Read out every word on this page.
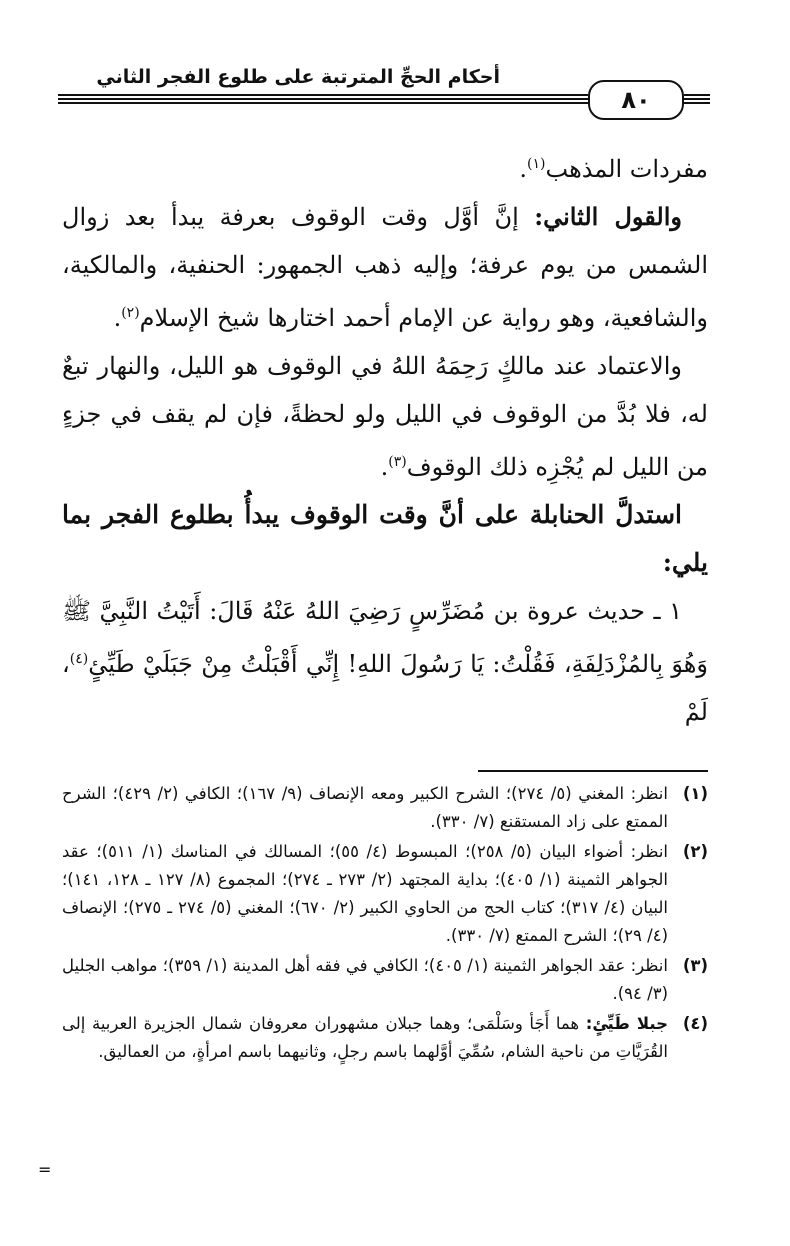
أحكام الحجِّ المترتبة على طلوع الفجر الثاني
٨٠

مفردات المذهب$^{(١)}$.

والقول الثاني: إنَّ أوَّل وقت الوقوف بعرفة يبدأ بعد زوال الشمس من يوم عرفة؛ وإليه ذهب الجمهور: الحنفية، والمالكية، والشافعية، وهو رواية عن الإمام أحمد اختارها شيخ الإسلام$^{(٢)}$.

والاعتماد عند مالكٍ رَحِمَهُ اللهُ في الوقوف هو الليل، والنهار تبعٌ له، فلا بُدَّ من الوقوف في الليل ولو لحظةً، فإن لم يقف في جزءٍ من الليل لم يُجْزِه ذلك الوقوف$^{(٣)}$.

استدلَّ الحنابلة على أنَّ وقت الوقوف يبدأُ بطلوع الفجر بما يلي:

١ ـ حديث عروة بن مُضَرِّسٍ رَضِيَ اللهُ عَنْهُ قَالَ: أَتَيْتُ النَّبِيَّ ﷺ وَهُوَ بِالمُزْدَلِفَةِ، فَقُلْتُ: يَا رَسُولَ اللهِ! إِنِّي أَقْبَلْتُ مِنْ جَبَلَيْ طَيِّئٍ$^{(٤)}$، لَمْ

(١)
انظر: المغني (٥/ ٢٧٤)؛ الشرح الكبير ومعه الإنصاف (٩/ ١٦٧)؛ الكافي (٢/ ٤٢٩)؛ الشرح الممتع على زاد المستقنع (٧/ ٣٣٠).
(٢)
انظر: أضواء البيان (٥/ ٢٥٨)؛ المبسوط (٤/ ٥٥)؛ المسالك في المناسك (١/ ٥١١)؛ عقد الجواهر الثمينة (١/ ٤٠٥)؛ بداية المجتهد (٢/ ٢٧٣ ـ ٢٧٤)؛ المجموع (٨/ ١٢٧ ـ ١٢٨، ١٤١)؛ البيان (٤/ ٣١٧)؛ كتاب الحج من الحاوي الكبير (٢/ ٦٧٠)؛ المغني (٥/ ٢٧٤ ـ ٢٧٥)؛ الإنصاف (٤/ ٢٩)؛ الشرح الممتع (٧/ ٣٣٠).
(٣)
انظر: عقد الجواهر الثمينة (١/ ٤٠٥)؛ الكافي في فقه أهل المدينة (١/ ٣٥٩)؛ مواهب الجليل (٣/ ٩٤).
(٤)
جبلا طَيِّئٍ: هما أَجَأ وسَلْمَى؛ وهما جبلان مشهوران معروفان شمال الجزيرة العربية إلى القُرَيَّاتِ من ناحية الشام، سُمِّيَ أوَّلهما باسم رجلٍ، وثانيهما باسم امرأةٍ، من العماليق.
=
